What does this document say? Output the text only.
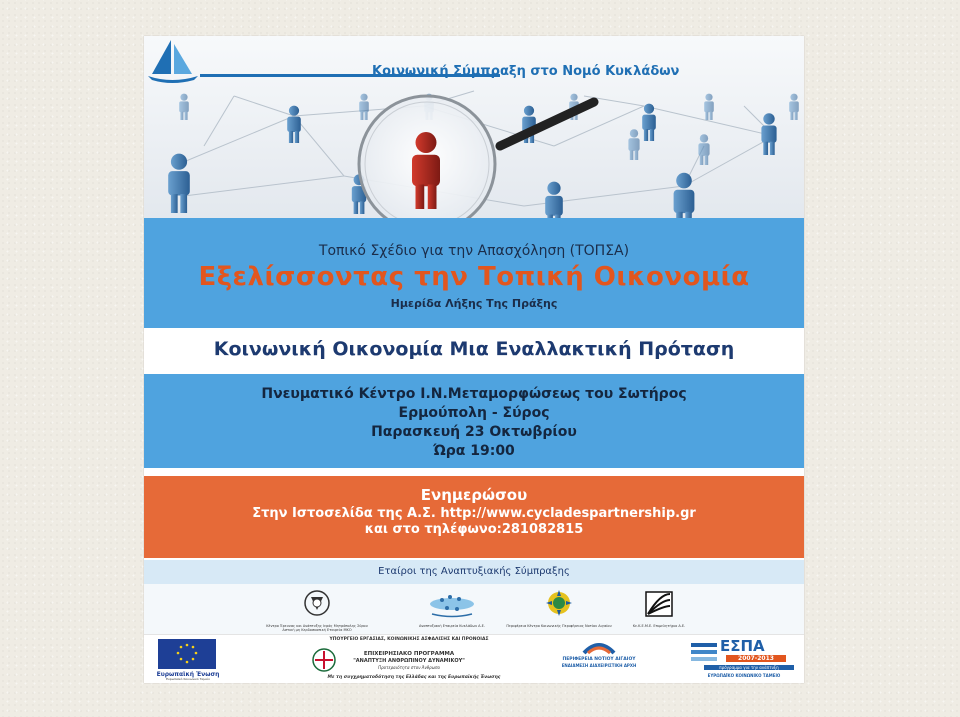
Κοινωνική Σύμπραξη στο Νομό Κυκλάδων
Τοπικό Σχέδιο για την Απασχόληση (ΤΟΠΣΑ)
Εξελίσσοντας την Τοπική Οικονομία
Ημερίδα Λήξης Της Πράξης
Κοινωνική Οικονομία Μια Εναλλακτική Πρόταση
Πνευματικό Κέντρο Ι.Ν.Μεταμορφώσεως του Σωτήρος
Ερμούπολη - Σύρος
Παρασκευή 23 Οκτωβρίου
Ώρα 19:00
Ενημερώσου
Στην Ιστοσελίδα της Α.Σ. http://www.cycladespartnership.gr
και στο τηλέφωνο:281082815
Εταίροι της Αναπτυξιακής Σύμπραξης
Κέντρο Έρευνας και Ανάπτυξης Ιεράς Μητρόπολης Σύρου Αστική μη Κερδοσκοπική Εταιρεία ΜΚΟ
Αναπτυξιακή Εταιρεία Κυκλάδων Α.Ε.	Περιφέρεια Κέντρο Κοινωνικής Περιφέρειας Νοτίου Αιγαίου	Κε.Κ.Ε.Μ.Ε. Επιμελητήριο Α.Ε.
Ευρωπαϊκή Ένωση
Ευρωπαϊκό Κοινωνικό Ταμείο
ΥΠΟΥΡΓΕΙΟ ΕΡΓΑΣΙΑΣ, ΚΟΙΝΩΝΙΚΗΣ ΑΣΦΑΛΙΣΗΣ ΚΑΙ ΠΡΟΝΟΙΑΣ
ΕΠΙΧΕΙΡΗΣΙΑΚΟ ΠΡΟΓΡΑΜΜΑ
"ΑΝΑΠΤΥΞΗ ΑΝΘΡΩΠΙΝΟΥ ΔΥΝΑΜΙΚΟΥ"
Προτεραιότητα στον Άνθρωπο
ΠΕΡΙΦΕΡΕΙΑ ΝΟΤΙΟΥ ΑΙΓΑΙΟΥ
ΕΝΔΙΑΜΕΣΗ ΔΙΑΧΕΙΡΙΣΤΙΚΗ ΑΡΧΗ
Με τη συγχρηματοδότηση της Ελλάδας και της Ευρωπαϊκής Ένωσης
ΕΣΠΑ
2007-2013
πρόγραμμα για την ανάπτυξη
ΕΥΡΩΠΑΪΚΟ ΚΟΙΝΩΝΙΚΟ ΤΑΜΕΙΟ
